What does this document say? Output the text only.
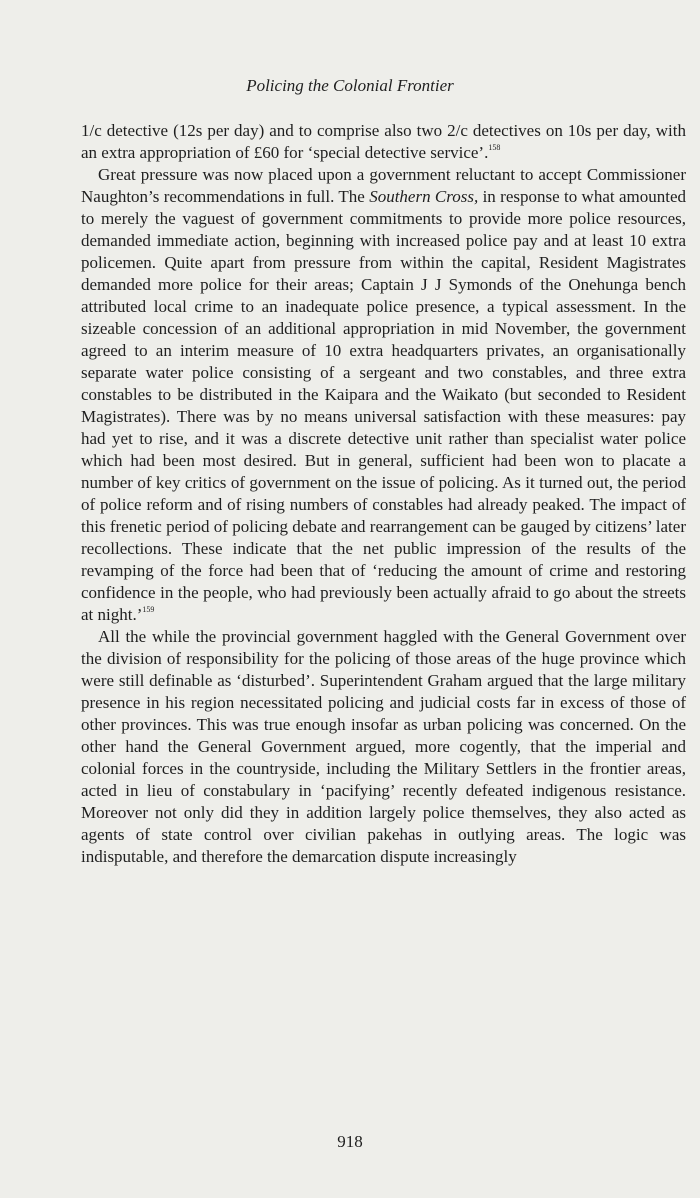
Policing the Colonial Frontier

1/c detective (12s per day) and to comprise also two 2/c detectives on 10s per day, with an extra appropriation of £60 for ‘special detective service’.$^{158}$

Great pressure was now placed upon a government reluctant to accept Commissioner Naughton’s recommendations in full. The Southern Cross, in response to what amounted to merely the vaguest of government commitments to provide more police resources, demanded immediate action, beginning with increased police pay and at least 10 extra policemen. Quite apart from pressure from within the capital, Resident Magistrates demanded more police for their areas; Captain J J Symonds of the Onehunga bench attributed local crime to an inadequate police presence, a typical assessment. In the sizeable concession of an additional appropriation in mid November, the government agreed to an interim measure of 10 extra headquarters privates, an organisationally separate water police consisting of a sergeant and two constables, and three extra constables to be distributed in the Kaipara and the Waikato (but seconded to Resident Magistrates). There was by no means universal satisfaction with these measures: pay had yet to rise, and it was a discrete detective unit rather than specialist water police which had been most desired. But in general, sufficient had been won to placate a number of key critics of government on the issue of policing. As it turned out, the period of police reform and of rising numbers of constables had already peaked. The impact of this frenetic period of policing debate and rearrangement can be gauged by citizens’ later recollections. These indicate that the net public impression of the results of the revamping of the force had been that of ‘reducing the amount of crime and restoring confidence in the people, who had previously been actually afraid to go about the streets at night.’$^{159}$

All the while the provincial government haggled with the General Government over the division of responsibility for the policing of those areas of the huge province which were still definable as ‘disturbed’. Superintendent Graham argued that the large military presence in his region necessitated policing and judicial costs far in excess of those of other provinces. This was true enough insofar as urban policing was concerned. On the other hand the General Government argued, more cogently, that the imperial and colonial forces in the countryside, including the Military Settlers in the frontier areas, acted in lieu of constabulary in ‘pacifying’ recently defeated indigenous resistance. Moreover not only did they in addition largely police themselves, they also acted as agents of state control over civilian pakehas in outlying areas. The logic was indisputable, and therefore the demarcation dispute increasingly

918
